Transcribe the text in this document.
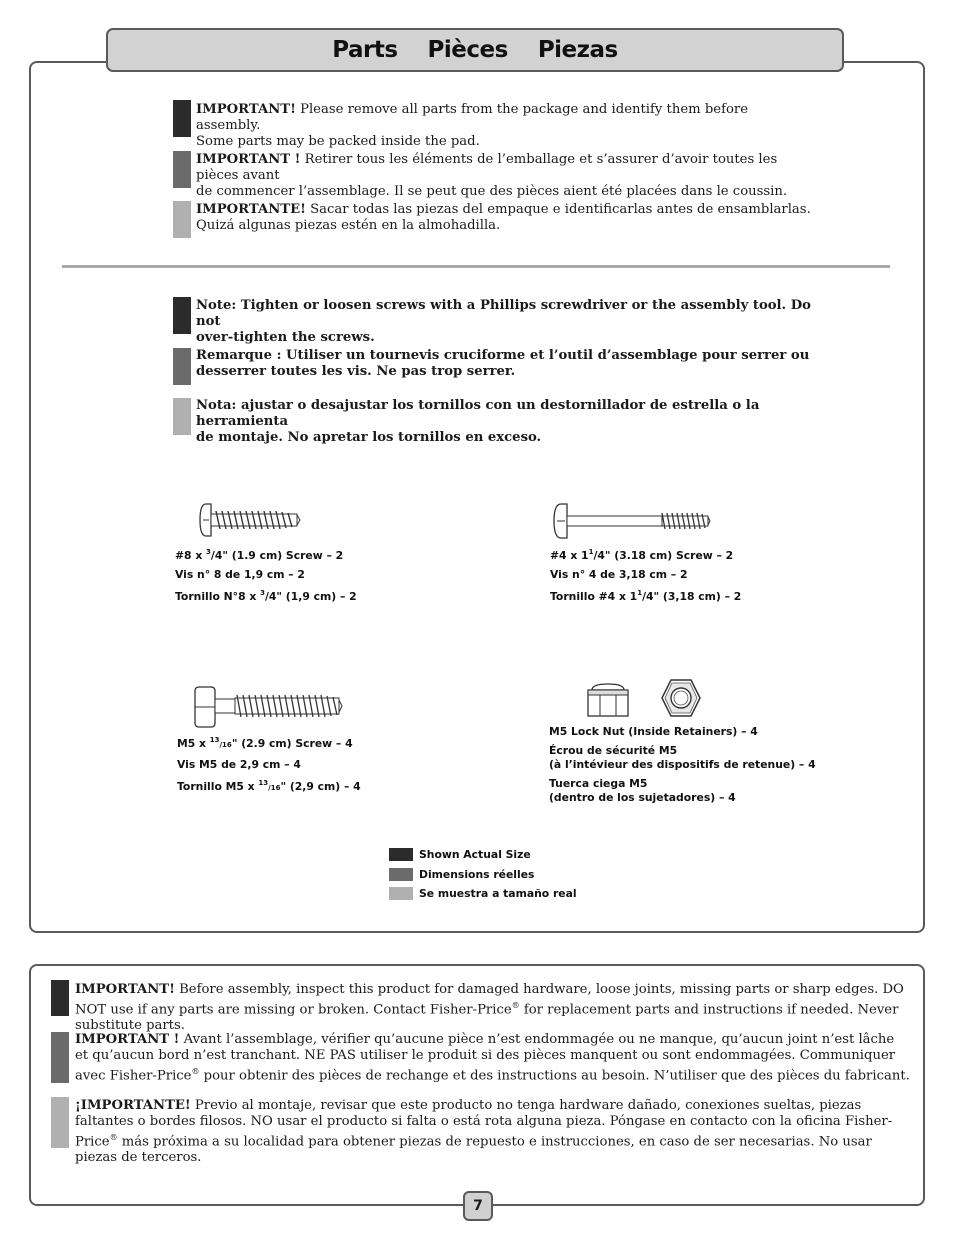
Parts Pièces Piezas
IMPORTANT! Please remove all parts from the package and identify them before assembly.
Some parts may be packed inside the pad.
IMPORTANT ! Retirer tous les éléments de l’emballage et s’assurer d’avoir toutes les pièces avant
de commencer l’assemblage. Il se peut que des pièces aient été placées dans le coussin.
IMPORTANTE! Sacar todas las piezas del empaque e identificarlas antes de ensamblarlas.
Quizá algunas piezas estén en la almohadilla.
Note: Tighten or loosen screws with a Phillips screwdriver or the assembly tool. Do not
over-tighten the screws.
Remarque : Utiliser un tournevis cruciforme et l’outil d’assemblage pour serrer ou
desserrer toutes les vis. Ne pas trop serrer.
Nota: ajustar o desajustar los tornillos con un destornillador de estrella o la herramienta
de montaje. No apretar los tornillos en exceso.
#8 x $^3$/4" (1.9 cm) Screw – 2
Vis n° 8 de 1,9 cm – 2
Tornillo N°8 x $^3$/4" (1,9 cm) – 2
#4 x $1^1/4$" (3.18 cm) Screw – 2
Vis n° 4 de 3,18 cm – 2
Tornillo #4 x $1^1/4$" (3,18 cm) – 2
M5 x $^{13}$/16" (2.9 cm) Screw – 4
Vis M5 de 2,9 cm – 4
Tornillo M5 x $^{13}$/16" (2,9 cm) – 4
M5 Lock Nut (Inside Retainers) – 4
Écrou de sécurité M5
(à l’intévieur des dispositifs de retenue) – 4
Tuerca ciega M5
(dentro de los sujetadores) – 4
Shown Actual Size
Dimensions réelles
Se muestra a tamaño real
IMPORTANT! Before assembly, inspect this product for damaged hardware, loose joints, missing parts or sharp edges. DO NOT use if any parts are missing or broken. Contact Fisher-Price® for replacement parts and instructions if needed. Never substitute parts.
IMPORTANT ! Avant l’assemblage, vérifier qu’aucune pièce n’est endommagée ou ne manque, qu’aucun joint n’est lâche et qu’aucun bord n’est tranchant. NE PAS utiliser le produit si des pièces manquent ou sont endommagées. Communiquer avec Fisher-Price® pour obtenir des pièces de rechange et des instructions au besoin. N’utiliser que des pièces du fabricant.
¡IMPORTANTE! Previo al montaje, revisar que este producto no tenga hardware dañado, conexiones sueltas, piezas faltantes o bordes filosos. NO usar el producto si falta o está rota alguna pieza. Póngase en contacto con la oficina Fisher-Price® más próxima a su localidad para obtener piezas de repuesto e instrucciones, en caso de ser necesarias. No usar piezas de terceros.
7
